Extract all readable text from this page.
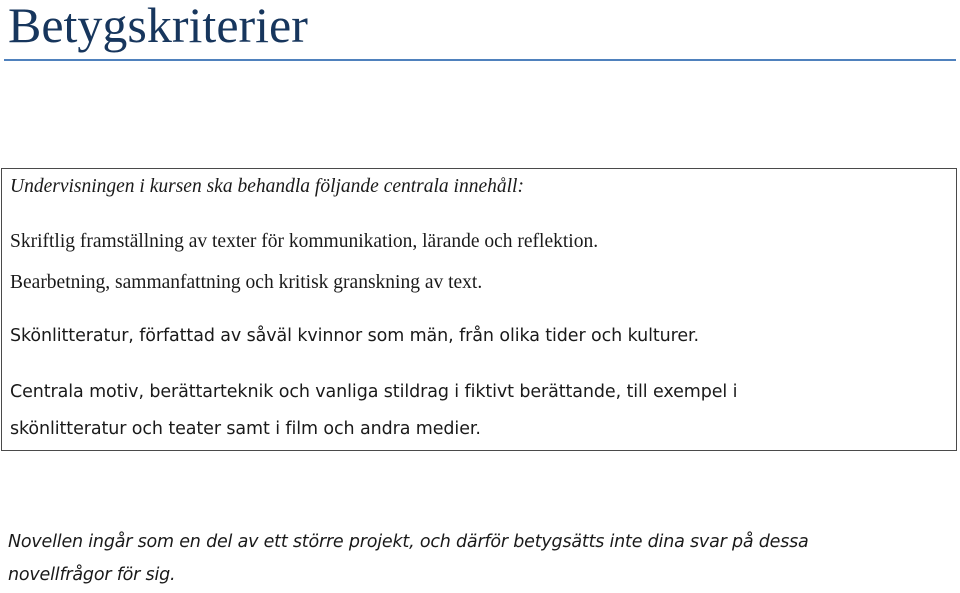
Betygskriterier

Undervisningen i kursen ska behandla följande centrala innehåll:

Skriftlig framställning av texter för kommunikation, lärande och reflektion.

Bearbetning, sammanfattning och kritisk granskning av text.

Skönlitteratur, författad av såväl kvinnor som män, från olika tider och kulturer.

Centrala motiv, berättarteknik och vanliga stildrag i fiktivt berättande, till exempel i

skönlitteratur och teater samt i film och andra medier.

Novellen ingår som en del av ett större projekt, och därför betygsätts inte dina svar på dessa

novellfrågor för sig.
